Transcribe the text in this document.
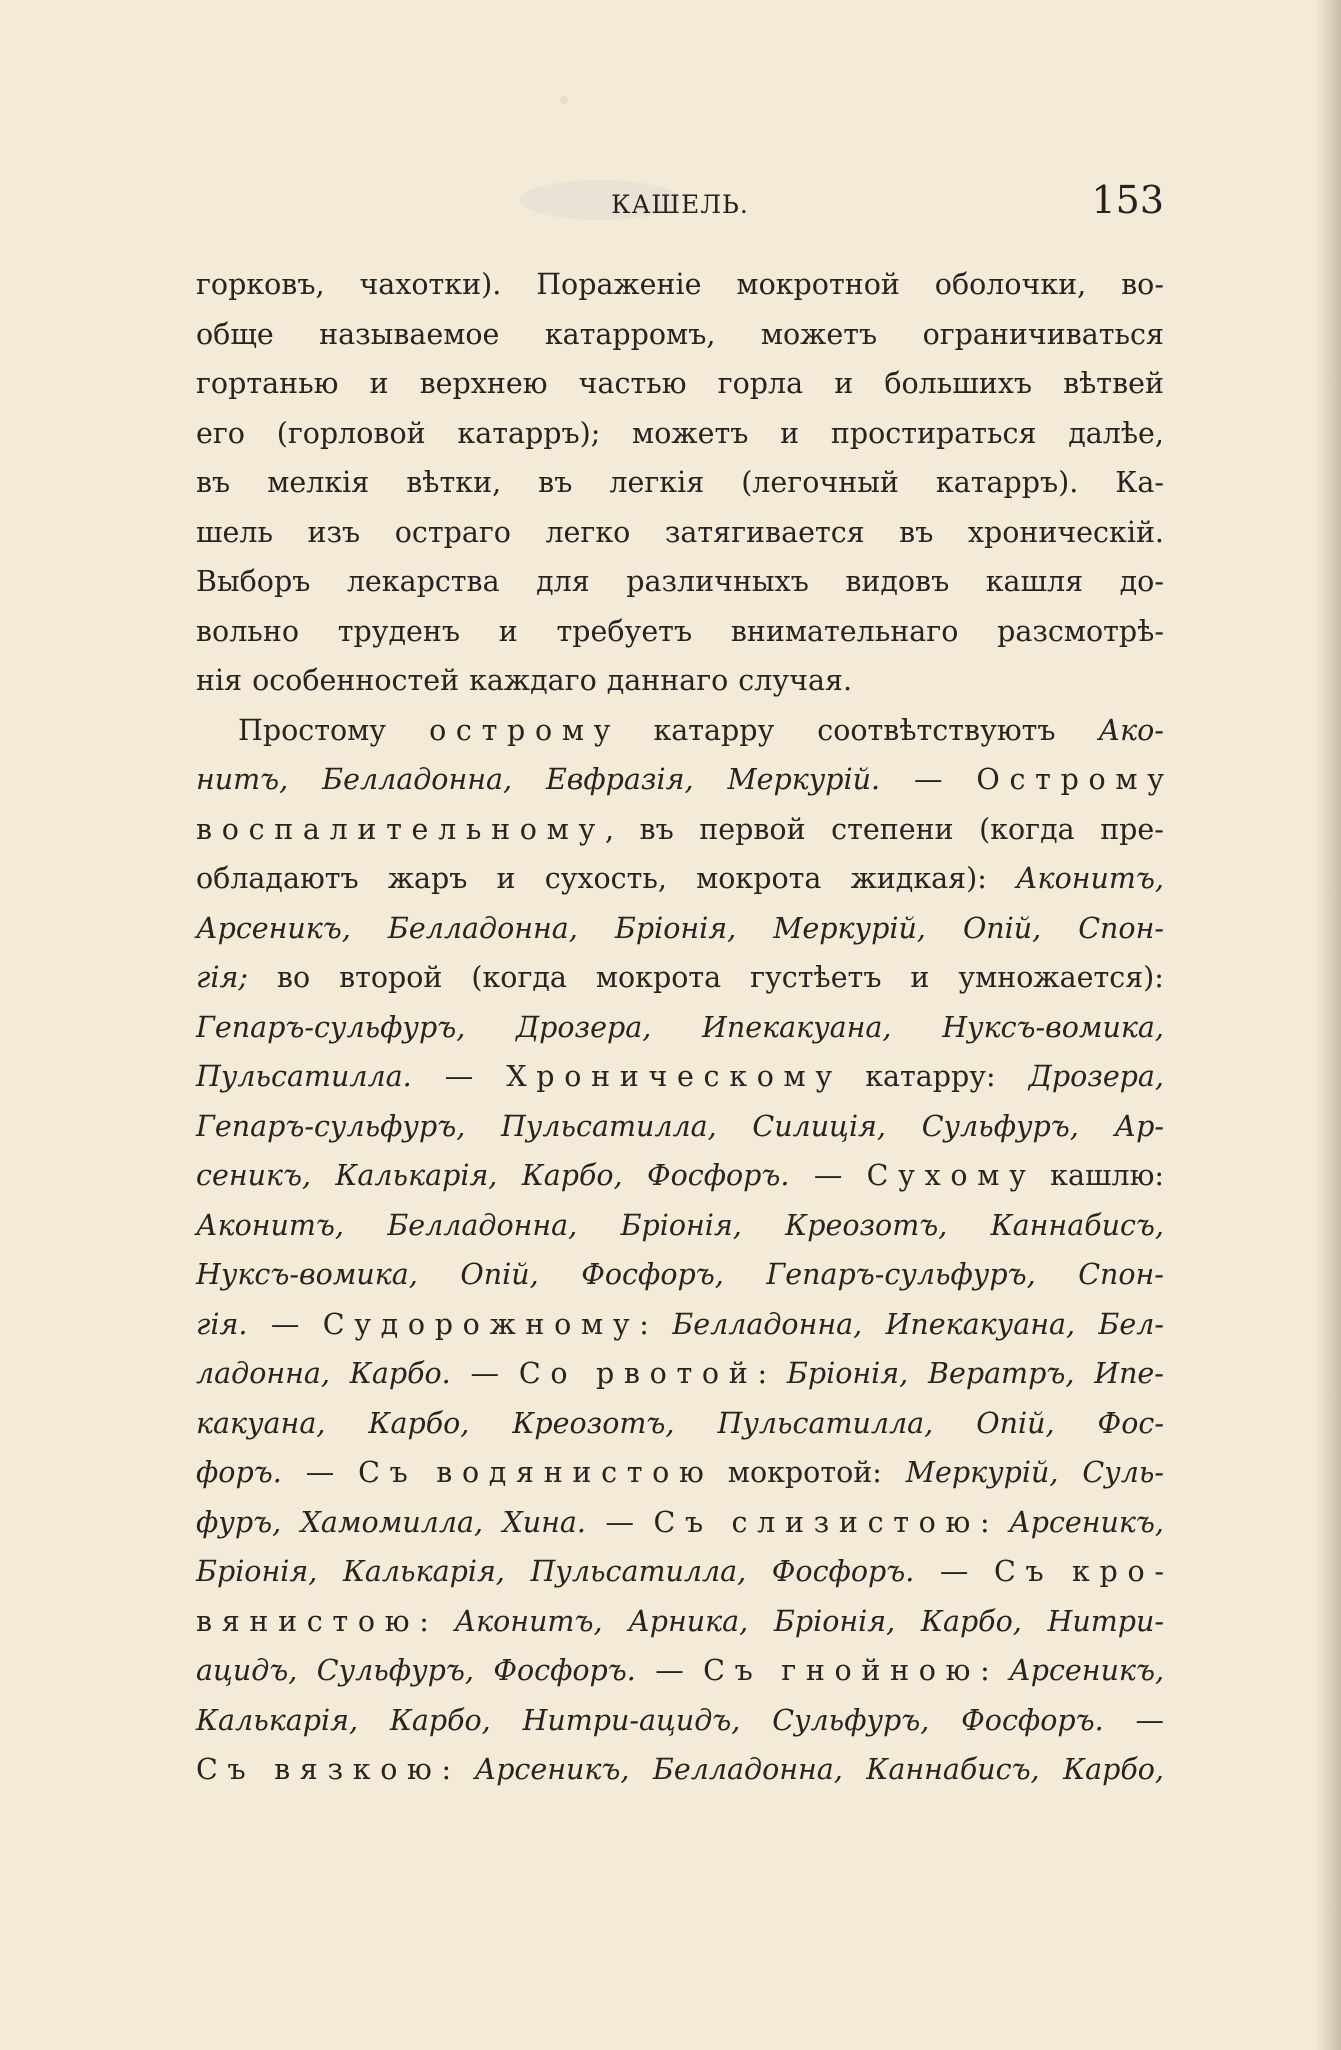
КАШЕЛЬ.	153
горковъ, чахотки). Пораженіе мокротной оболочки, во-
обще называемое катарромъ, можетъ ограничиваться
гортанью и верхнею частью горла и большихъ вѣтвей
его (горловой катарръ); можетъ и простираться далѣе,
въ мелкія вѣтки, въ легкія (легочный катарръ). Ка-
шель изъ остраго легко затягивается въ хроническій.
Выборъ лекарства для различныхъ видовъ кашля до-
вольно труденъ и требуетъ внимательнаго разсмотрѣ-
нія особенностей каждаго даннаго случая.
Простому острому катарру соотвѣтствуютъ Ако-
нитъ, Белладонна, Евфразія, Меркурій. — Острому
воспалительному, въ первой степени (когда пре-
обладаютъ жаръ и сухость, мокрота жидкая): Аконитъ,
Арсеникъ, Белладонна, Бріонія, Меркурій, Опій, Спон-
гія; во второй (когда мокрота густѣетъ и умножается):
Гепаръ-сульфуръ, Дрозера, Ипекакуана, Нуксъ-вомика,
Пульсатилла. — Хроническому катарру: Дрозера,
Гепаръ-сульфуръ, Пульсатилла, Силиція, Сульфуръ, Ар-
сеникъ, Калькарія, Карбо, Фосфоръ. — Сухому кашлю:
Аконитъ, Белладонна, Бріонія, Креозотъ, Каннабисъ,
Нуксъ-вомика, Опій, Фосфоръ, Гепаръ-сульфуръ, Спон-
гія. — Судорожному: Белладонна, Ипекакуана, Бел-
ладонна, Карбо. — Со рвотой: Бріонія, Вератръ, Ипе-
какуана, Карбо, Креозотъ, Пульсатилла, Опій, Фос-
форъ. — Съ водянистою мокротой: Меркурій, Суль-
фуръ, Хамомилла, Хина. — Съ слизистою: Арсеникъ,
Бріонія, Калькарія, Пульсатилла, Фосфоръ. — Съ кро-
вянистою: Аконитъ, Арника, Бріонія, Карбо, Нитри-
ацидъ, Сульфуръ, Фосфоръ. — Съ гнойною: Арсеникъ,
Калькарія, Карбо, Нитри-ацидъ, Сульфуръ, Фосфоръ. —
Съ вязкою: Арсеникъ, Белладонна, Каннабисъ, Карбо,
